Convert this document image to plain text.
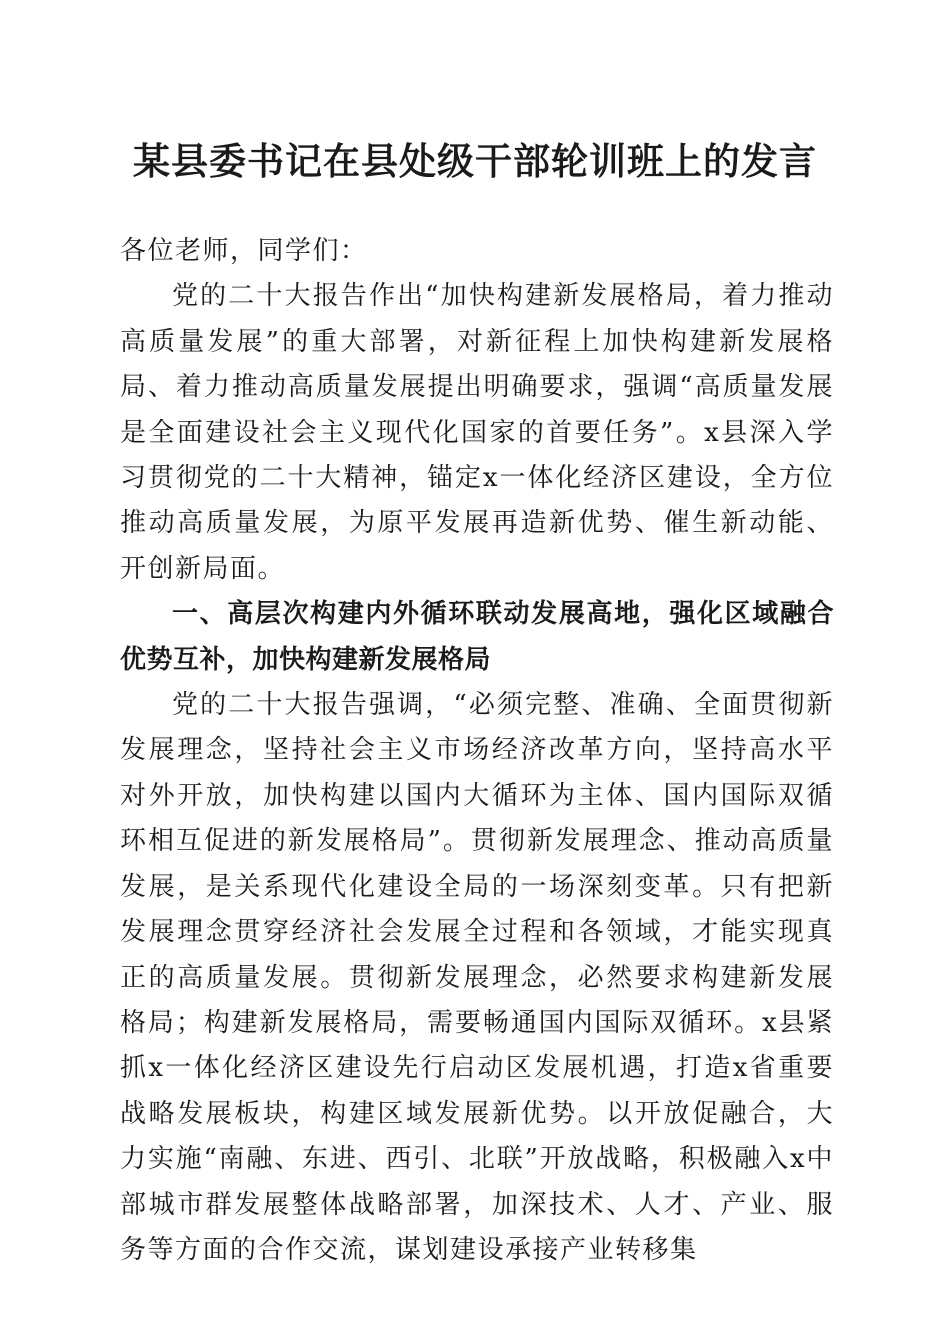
某县委书记在县处级干部轮训班上的发言

各位老师，同学们：

党的二十大报告作出“加快构建新发展格局，着力推动高质量发展”的重大部署，对新征程上加快构建新发展格局、着力推动高质量发展提出明确要求，强调“高质量发展是全面建设社会主义现代化国家的首要任务”。x县深入学习贯彻党的二十大精神，锚定x一体化经济区建设，全方位推动高质量发展，为原平发展再造新优势、催生新动能、开创新局面。

一、高层次构建内外循环联动发展高地，强化区域融合优势互补，加快构建新发展格局

党的二十大报告强调，“必须完整、准确、全面贯彻新发展理念，坚持社会主义市场经济改革方向，坚持高水平对外开放，加快构建以国内大循环为主体、国内国际双循环相互促进的新发展格局”。贯彻新发展理念、推动高质量发展，是关系现代化建设全局的一场深刻变革。只有把新发展理念贯穿经济社会发展全过程和各领域，才能实现真正的高质量发展。贯彻新发展理念，必然要求构建新发展格局；构建新发展格局，需要畅通国内国际双循环。x县紧抓x一体化经济区建设先行启动区发展机遇，打造x省重要战略发展板块，构建区域发展新优势。以开放促融合，大力实施“南融、东进、西引、北联”开放战略，积极融入x中部城市群发展整体战略部署，加深技术、人才、产业、服务等方面的合作交流，谋划建设承接产业转移集
